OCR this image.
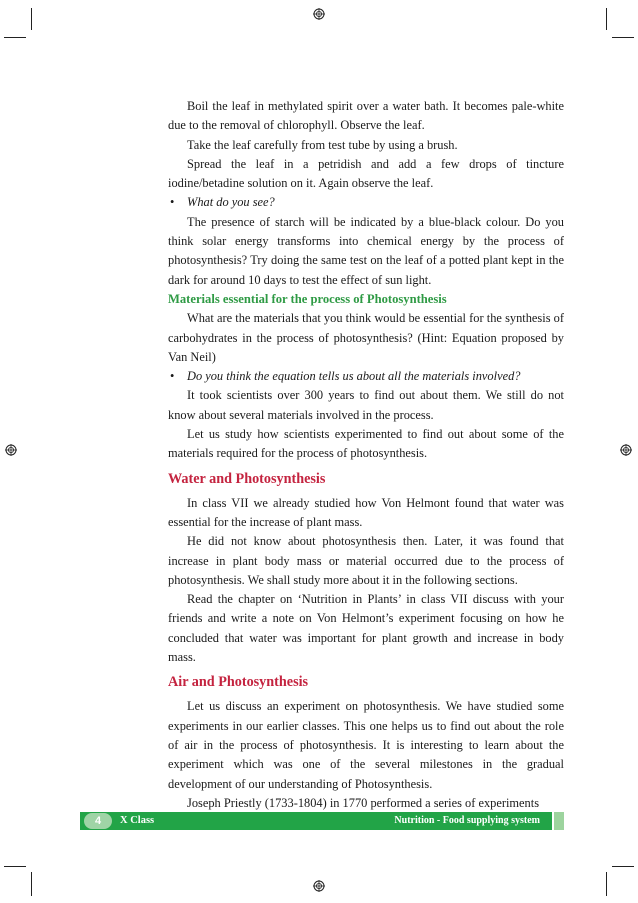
Boil the leaf in methylated spirit over a water bath. It becomes pale-white due to the removal of chlorophyll. Observe the leaf.

Take the leaf carefully from test tube by using a brush.

Spread the leaf in a petridish and add a few drops of tincture iodine/betadine solution on it. Again observe the leaf.

• What do you see?

The presence of starch will be indicated by a blue-black colour. Do you think solar energy transforms into chemical energy by the process of photosynthesis? Try doing the same test on the leaf of a potted plant kept in the dark for around 10 days to test the effect of sun light.

Materials essential for the process of Photosynthesis

What are the materials that you think would be essential for the synthesis of carbohydrates in the process of photosynthesis? (Hint: Equation proposed by Van Neil)

• Do you think the equation tells us about all the materials involved?

It took scientists over 300 years to find out about them. We still do not know about several materials involved in the process.

Let us study how scientists experimented to find out about some of the materials required for the process of photosynthesis.

Water and Photosynthesis

In class VII we already studied how Von Helmont found that water was essential for the increase of plant mass.

He did not know about photosynthesis then. Later, it was found that increase in plant body mass or material occurred due to the process of photosynthesis. We shall study more about it in the following sections.

Read the chapter on ‘Nutrition in Plants’ in class VII discuss with your friends and write a note on Von Helmont’s experiment focusing on how he concluded that water was important for plant growth and increase in body mass.

Air and Photosynthesis

Let us discuss an experiment on photosynthesis. We have studied some experiments in our earlier classes. This one helps us to find out about the role of air in the process of photosynthesis. It is interesting to learn about the experiment which was one of the several milestones in the gradual development of our understanding of Photosynthesis.

Joseph Priestly (1733-1804) in 1770 performed a series of experiments

4	X Class	Nutrition - Food supplying system
